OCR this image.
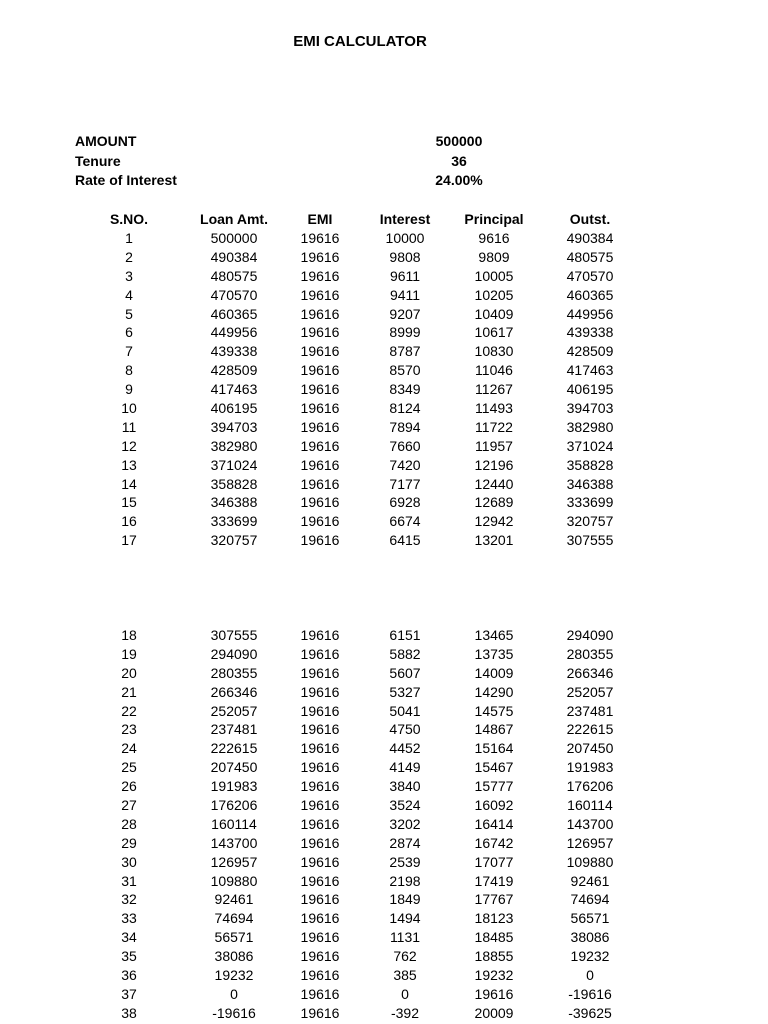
EMI CALCULATOR
AMOUNT	500000
Tenure	36
Rate of Interest	24.00%
S.NO.	Loan Amt.	EMI	Interest	Principal	Outst.
1	500000	19616	10000	9616	490384
2	490384	19616	9808	9809	480575
3	480575	19616	9611	10005	470570
4	470570	19616	9411	10205	460365
5	460365	19616	9207	10409	449956
6	449956	19616	8999	10617	439338
7	439338	19616	8787	10830	428509
8	428509	19616	8570	11046	417463
9	417463	19616	8349	11267	406195
10	406195	19616	8124	11493	394703
11	394703	19616	7894	11722	382980
12	382980	19616	7660	11957	371024
13	371024	19616	7420	12196	358828
14	358828	19616	7177	12440	346388
15	346388	19616	6928	12689	333699
16	333699	19616	6674	12942	320757
17	320757	19616	6415	13201	307555
18	307555	19616	6151	13465	294090
19	294090	19616	5882	13735	280355
20	280355	19616	5607	14009	266346
21	266346	19616	5327	14290	252057
22	252057	19616	5041	14575	237481
23	237481	19616	4750	14867	222615
24	222615	19616	4452	15164	207450
25	207450	19616	4149	15467	191983
26	191983	19616	3840	15777	176206
27	176206	19616	3524	16092	160114
28	160114	19616	3202	16414	143700
29	143700	19616	2874	16742	126957
30	126957	19616	2539	17077	109880
31	109880	19616	2198	17419	92461
32	92461	19616	1849	17767	74694
33	74694	19616	1494	18123	56571
34	56571	19616	1131	18485	38086
35	38086	19616	762	18855	19232
36	19232	19616	385	19232	0
37	0	19616	0	19616	-19616
38	-19616	19616	-392	20009	-39625
